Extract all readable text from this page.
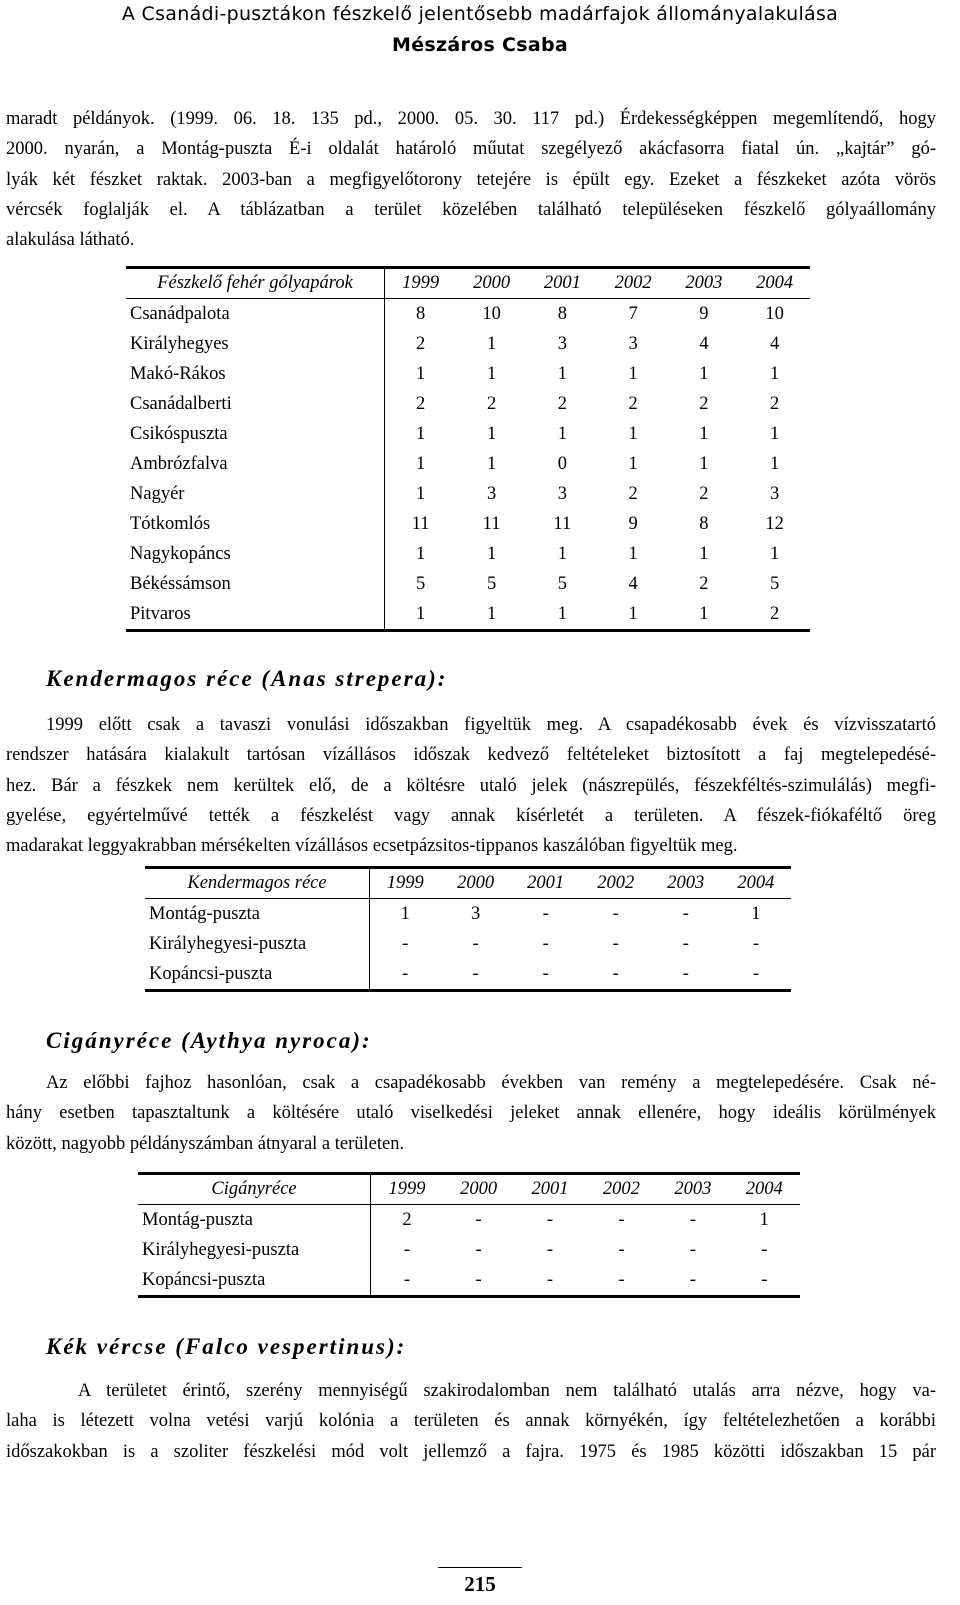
A Csanádi-pusztákon fészkelő jelentősebb madárfajok állományalakulása
Mészáros Csaba

maradt példányok. (1999. 06. 18. 135 pd., 2000. 05. 30. 117 pd.) Érdekességképpen megemlítendő, hogy
2000. nyarán, a Montág-puszta É-i oldalát határoló műutat szegélyező akácfasorra fiatal ún. „kajtár” gó-
lyák két fészket raktak. 2003-ban a megfigyelőtorony tetejére is épült egy. Ezeket a fészkeket azóta vörös
vércsék foglalják el. A táblázatban a terület közelében található településeken fészkelő gólyaállomány
alakulása látható.

Fészkelő fehér gólyapárok	1999	2000	2001	2002	2003	2004
Csanádpalota	8	10	8	7	9	10
Királyhegyes	2	1	3	3	4	4
Makó-Rákos	1	1	1	1	1	1
Csanádalberti	2	2	2	2	2	2
Csikóspuszta	1	1	1	1	1	1
Ambrózfalva	1	1	0	1	1	1
Nagyér	1	3	3	2	2	3
Tótkomlós	11	11	11	9	8	12
Nagykopáncs	1	1	1	1	1	1
Békéssámson	5	5	5	4	2	5
Pitvaros	1	1	1	1	1	2
Kendermagos réce (Anas strepera):

1999 előtt csak a tavaszi vonulási időszakban figyeltük meg. A csapadékosabb évek és vízvisszatartó
rendszer hatására kialakult tartósan vízállásos időszak kedvező feltételeket biztosított a faj megtelepedésé-
hez. Bár a fészkek nem kerültek elő, de a költésre utaló jelek (nászrepülés, fészekféltés-szimulálás) megfi-
gyelése, egyértelművé tették a fészkelést vagy annak kísérletét a területen. A fészek-fiókaféltő öreg
madarakat leggyakrabban mérsékelten vízállásos ecsetpázsitos-tippanos kaszálóban figyeltük meg.

Kendermagos réce	1999	2000	2001	2002	2003	2004
Montág-puszta	1	3	-	-	-	1
Királyhegyesi-puszta	-	-	-	-	-	-
Kopáncsi-puszta	-	-	-	-	-	-
Cigányréce (Aythya nyroca):

Az előbbi fajhoz hasonlóan, csak a csapadékosabb években van remény a megtelepedésére. Csak né-
hány esetben tapasztaltunk a költésére utaló viselkedési jeleket annak ellenére, hogy ideális körülmények
között, nagyobb példányszámban átnyaral a területen.

Cigányréce	1999	2000	2001	2002	2003	2004
Montág-puszta	2	-	-	-	-	1
Királyhegyesi-puszta	-	-	-	-	-	-
Kopáncsi-puszta	-	-	-	-	-	-
Kék vércse (Falco vespertinus):

A területet érintő, szerény mennyiségű szakirodalomban nem található utalás arra nézve, hogy va-
laha is létezett volna vetési varjú kolónia a területen és annak környékén, így feltételezhetően a korábbi
időszakokban is a szoliter fészkelési mód volt jellemző a fajra. 1975 és 1985 közötti időszakban 15 pár

215
